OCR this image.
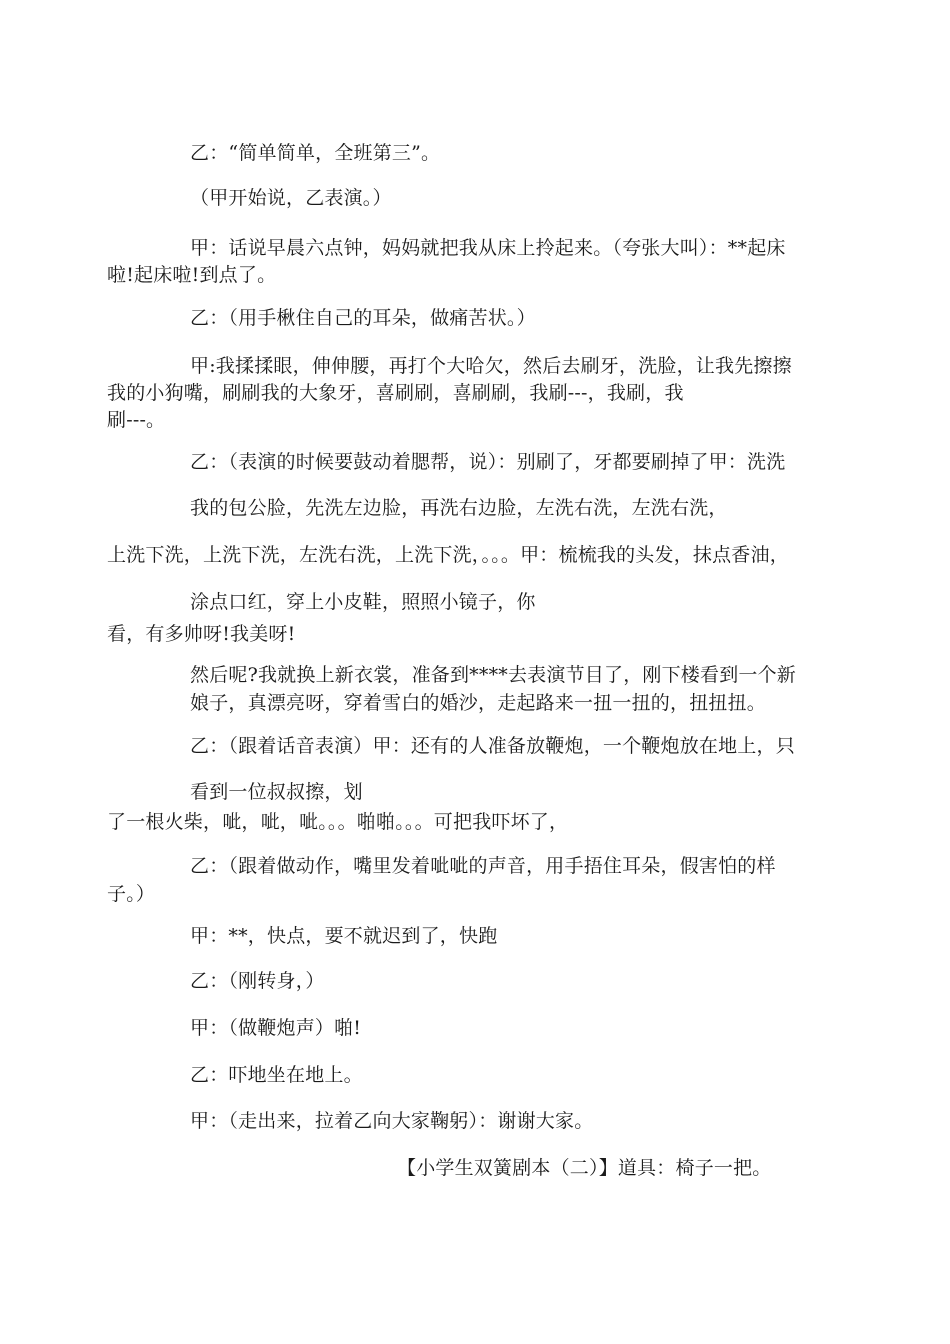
乙：“简单简单，全班第三”。
（甲开始说，乙表演。）
甲：话说早晨六点钟，妈妈就把我从床上拎起来。（夸张大叫）：**起床
啦!起床啦!到点了。
乙：（用手楸住自己的耳朵，做痛苦状。）
甲:我揉揉眼，伸伸腰，再打个大哈欠，然后去刷牙，洗脸，让我先擦擦
我的小狗嘴，刷刷我的大象牙，喜刷刷，喜刷刷，我刷---，我刷，我
刷---。
乙：（表演的时候要鼓动着腮帮，说）：别刷了，牙都要刷掉了甲：洗洗
我的包公脸，先洗左边脸，再洗右边脸，左洗右洗，左洗右洗，
上洗下洗，上洗下洗，左洗右洗，上洗下洗，。。。甲：梳梳我的头发，抹点香油，
涂点口红，穿上小皮鞋，照照小镜子，你
看，有多帅呀!我美呀!
然后呢?我就换上新衣裳，准备到****去表演节目了，刚下楼看到一个新
娘子，真漂亮呀，穿着雪白的婚沙，走起路来一扭一扭的，扭扭扭。
乙：（跟着话音表演）甲：还有的人准备放鞭炮，一个鞭炮放在地上，只
看到一位叔叔擦，划
了一根火柴，呲，呲，呲。。。啪啪。。。可把我吓坏了，
乙：（跟着做动作，嘴里发着呲呲的声音，用手捂住耳朵，假害怕的样
子。）
甲：**，快点，要不就迟到了，快跑
乙：（刚转身，）
甲：（做鞭炮声）啪!
乙：吓地坐在地上。
甲：（走出来，拉着乙向大家鞠躬）：谢谢大家。
【小学生双簧剧本（二）】道具：椅子一把。
